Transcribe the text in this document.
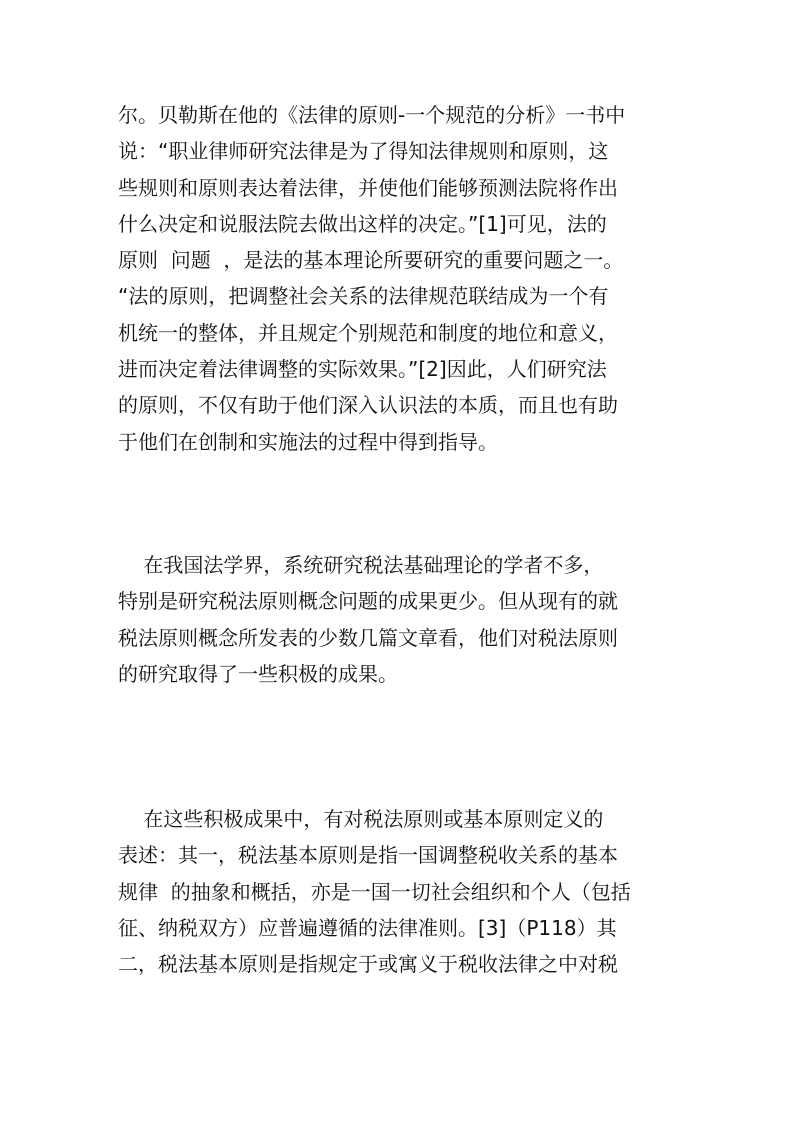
尔。贝勒斯在他的《法律的原则-一个规范的分析》一书中
说：“职业律师研究法律是为了得知法律规则和原则，这
些规则和原则表达着法律，并使他们能够预测法院将作出
什么决定和说服法院去做出这样的决定。”[1]可见，法的
原则  问题  ，是法的基本理论所要研究的重要问题之一。
“法的原则，把调整社会关系的法律规范联结成为一个有
机统一的整体，并且规定个别规范和制度的地位和意义，
进而决定着法律调整的实际效果。”[2]因此，人们研究法
的原则，不仅有助于他们深入认识法的本质，而且也有助
于他们在创制和实施法的过程中得到指导。
在我国法学界，系统研究税法基础理论的学者不多，
特别是研究税法原则概念问题的成果更少。但从现有的就
税法原则概念所发表的少数几篇文章看，他们对税法原则
的研究取得了一些积极的成果。
在这些积极成果中，有对税法原则或基本原则定义的
表述：其一，税法基本原则是指一国调整税收关系的基本
规律  的抽象和概括，亦是一国一切社会组织和个人（包括
征、纳税双方）应普遍遵循的法律准则。[3]（P118）其
二，税法基本原则是指规定于或寓义于税收法律之中对税
